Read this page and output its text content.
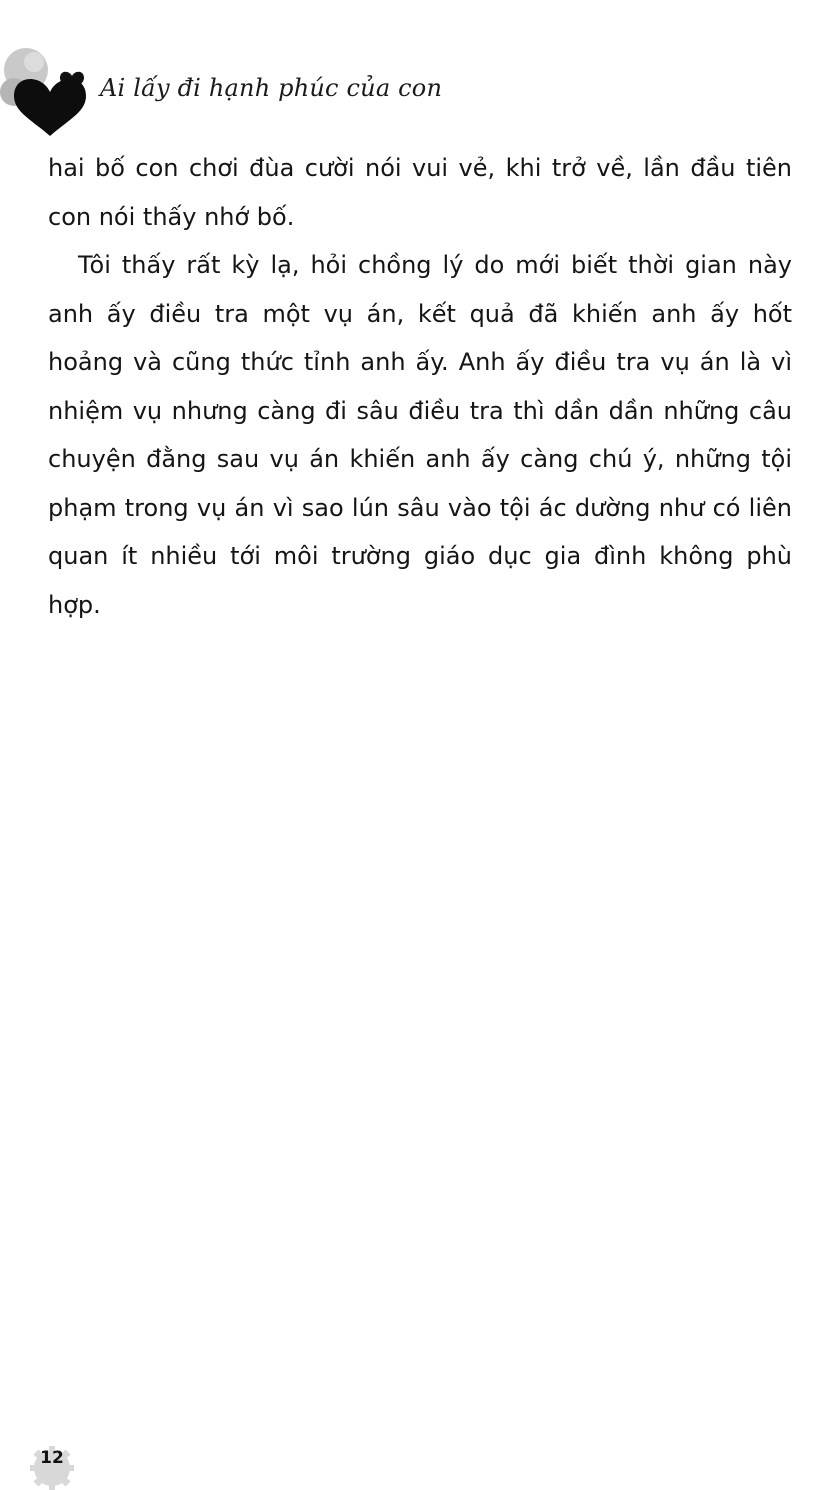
Ai lấy đi hạnh phúc của con

hai bố con chơi đùa cười nói vui vẻ, khi trở về, lần đầu tiên con nói thấy nhớ bố.

Tôi thấy rất kỳ lạ, hỏi chồng lý do mới biết thời gian này anh ấy điều tra một vụ án, kết quả đã khiến anh ấy hốt hoảng và cũng thức tỉnh anh ấy. Anh ấy điều tra vụ án là vì nhiệm vụ nhưng càng đi sâu điều tra thì dần dần những câu chuyện đằng sau vụ án khiến anh ấy càng chú ý, những tội phạm trong vụ án vì sao lún sâu vào tội ác dường như có liên quan ít nhiều tới môi trường giáo dục gia đình không phù hợp.

12
